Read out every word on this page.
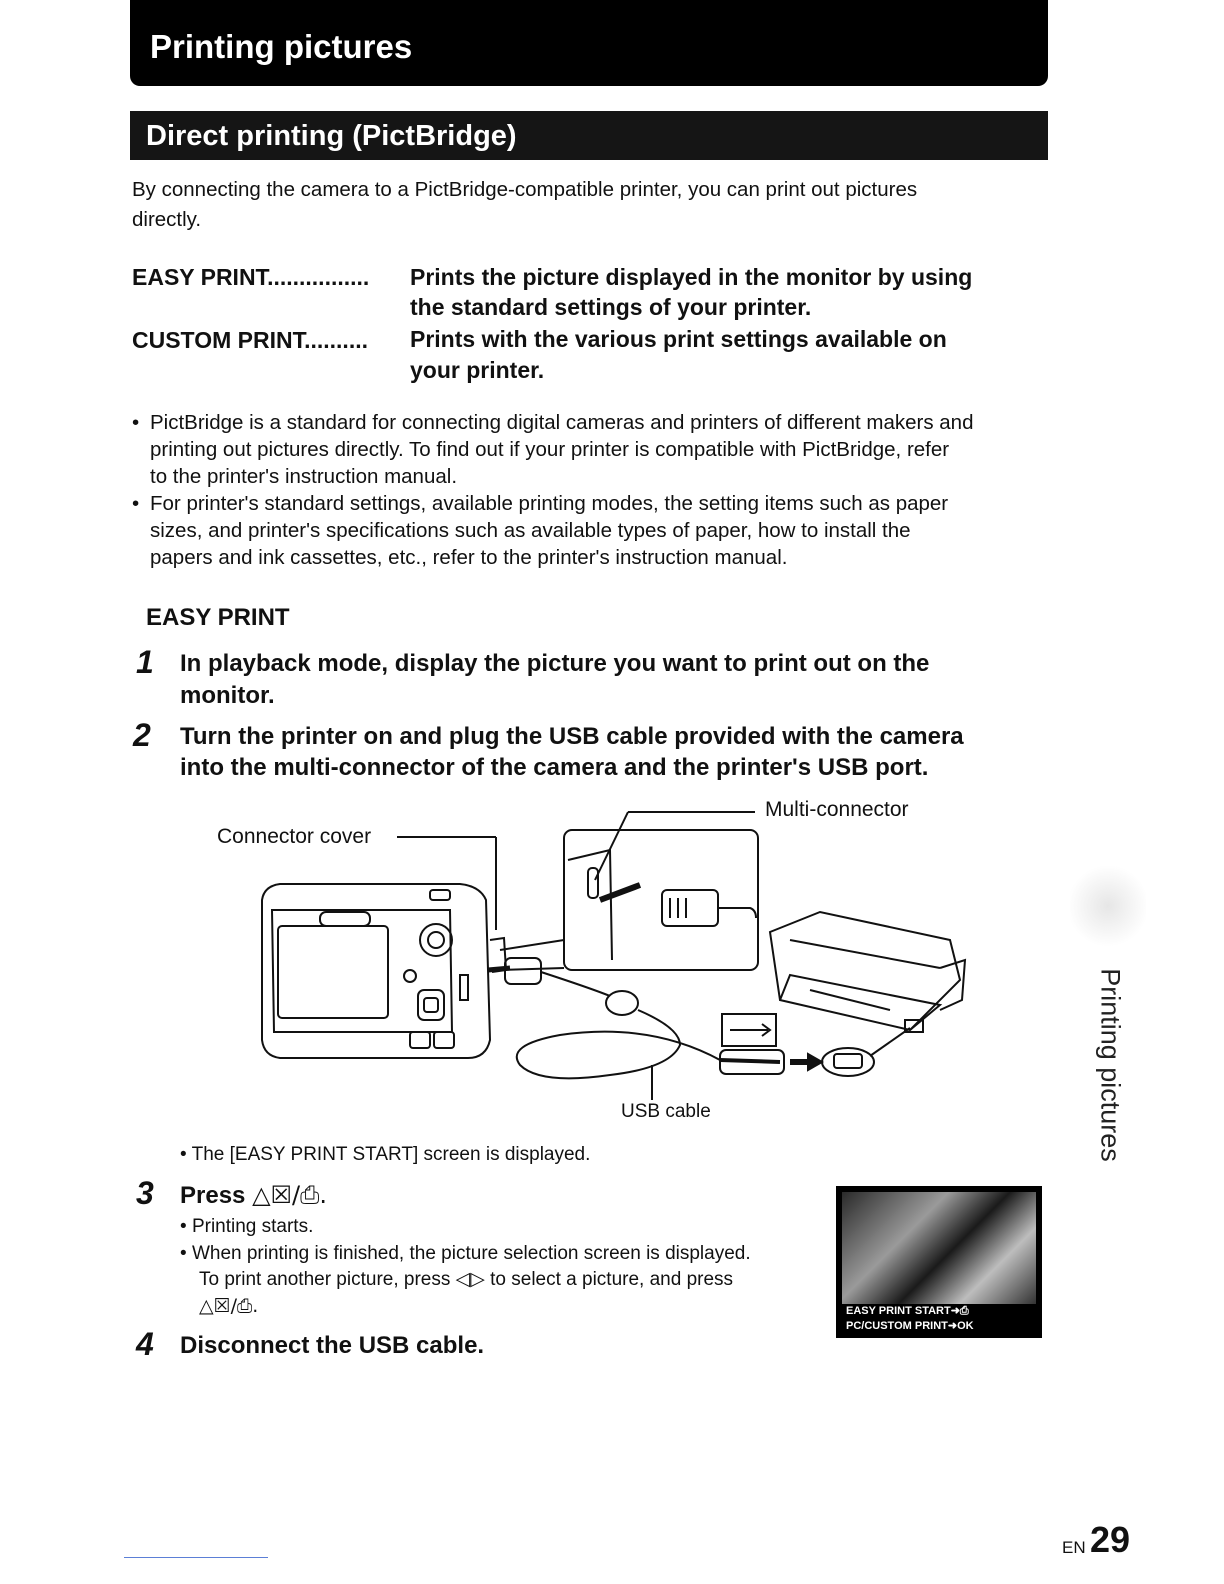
Printing pictures
Direct printing (PictBridge)
By connecting the camera to a PictBridge-compatible printer, you can print out pictures
directly.
EASY PRINT................ Prints the picture displayed in the monitor by using
the standard settings of your printer.
CUSTOM PRINT.......... Prints with the various print settings available on
your printer.
• PictBridge is a standard for connecting digital cameras and printers of different makers and
printing out pictures directly. To find out if your printer is compatible with PictBridge, refer
to the printer's instruction manual.
• For printer's standard settings, available printing modes, the setting items such as paper
sizes, and printer's specifications such as available types of paper, how to install the
papers and ink cassettes, etc., refer to the printer's instruction manual.
EASY PRINT
1 In playback mode, display the picture you want to print out on the
monitor.
2 Turn the printer on and plug the USB cable provided with the camera
into the multi-connector of the camera and the printer's USB port.
Multi-connector
Connector cover
USB cable
• The [EASY PRINT START] screen is displayed.
3 Press △☒/⎙.
• Printing starts.
• When printing is finished, the picture selection screen is displayed.
To print another picture, press ◁▷ to select a picture, and press
△☒/⎙.	EASY PRINT START➜⎙
PC/CUSTOM PRINT➜OK
4 Disconnect the USB cable.
Printing pictures
EN 29
